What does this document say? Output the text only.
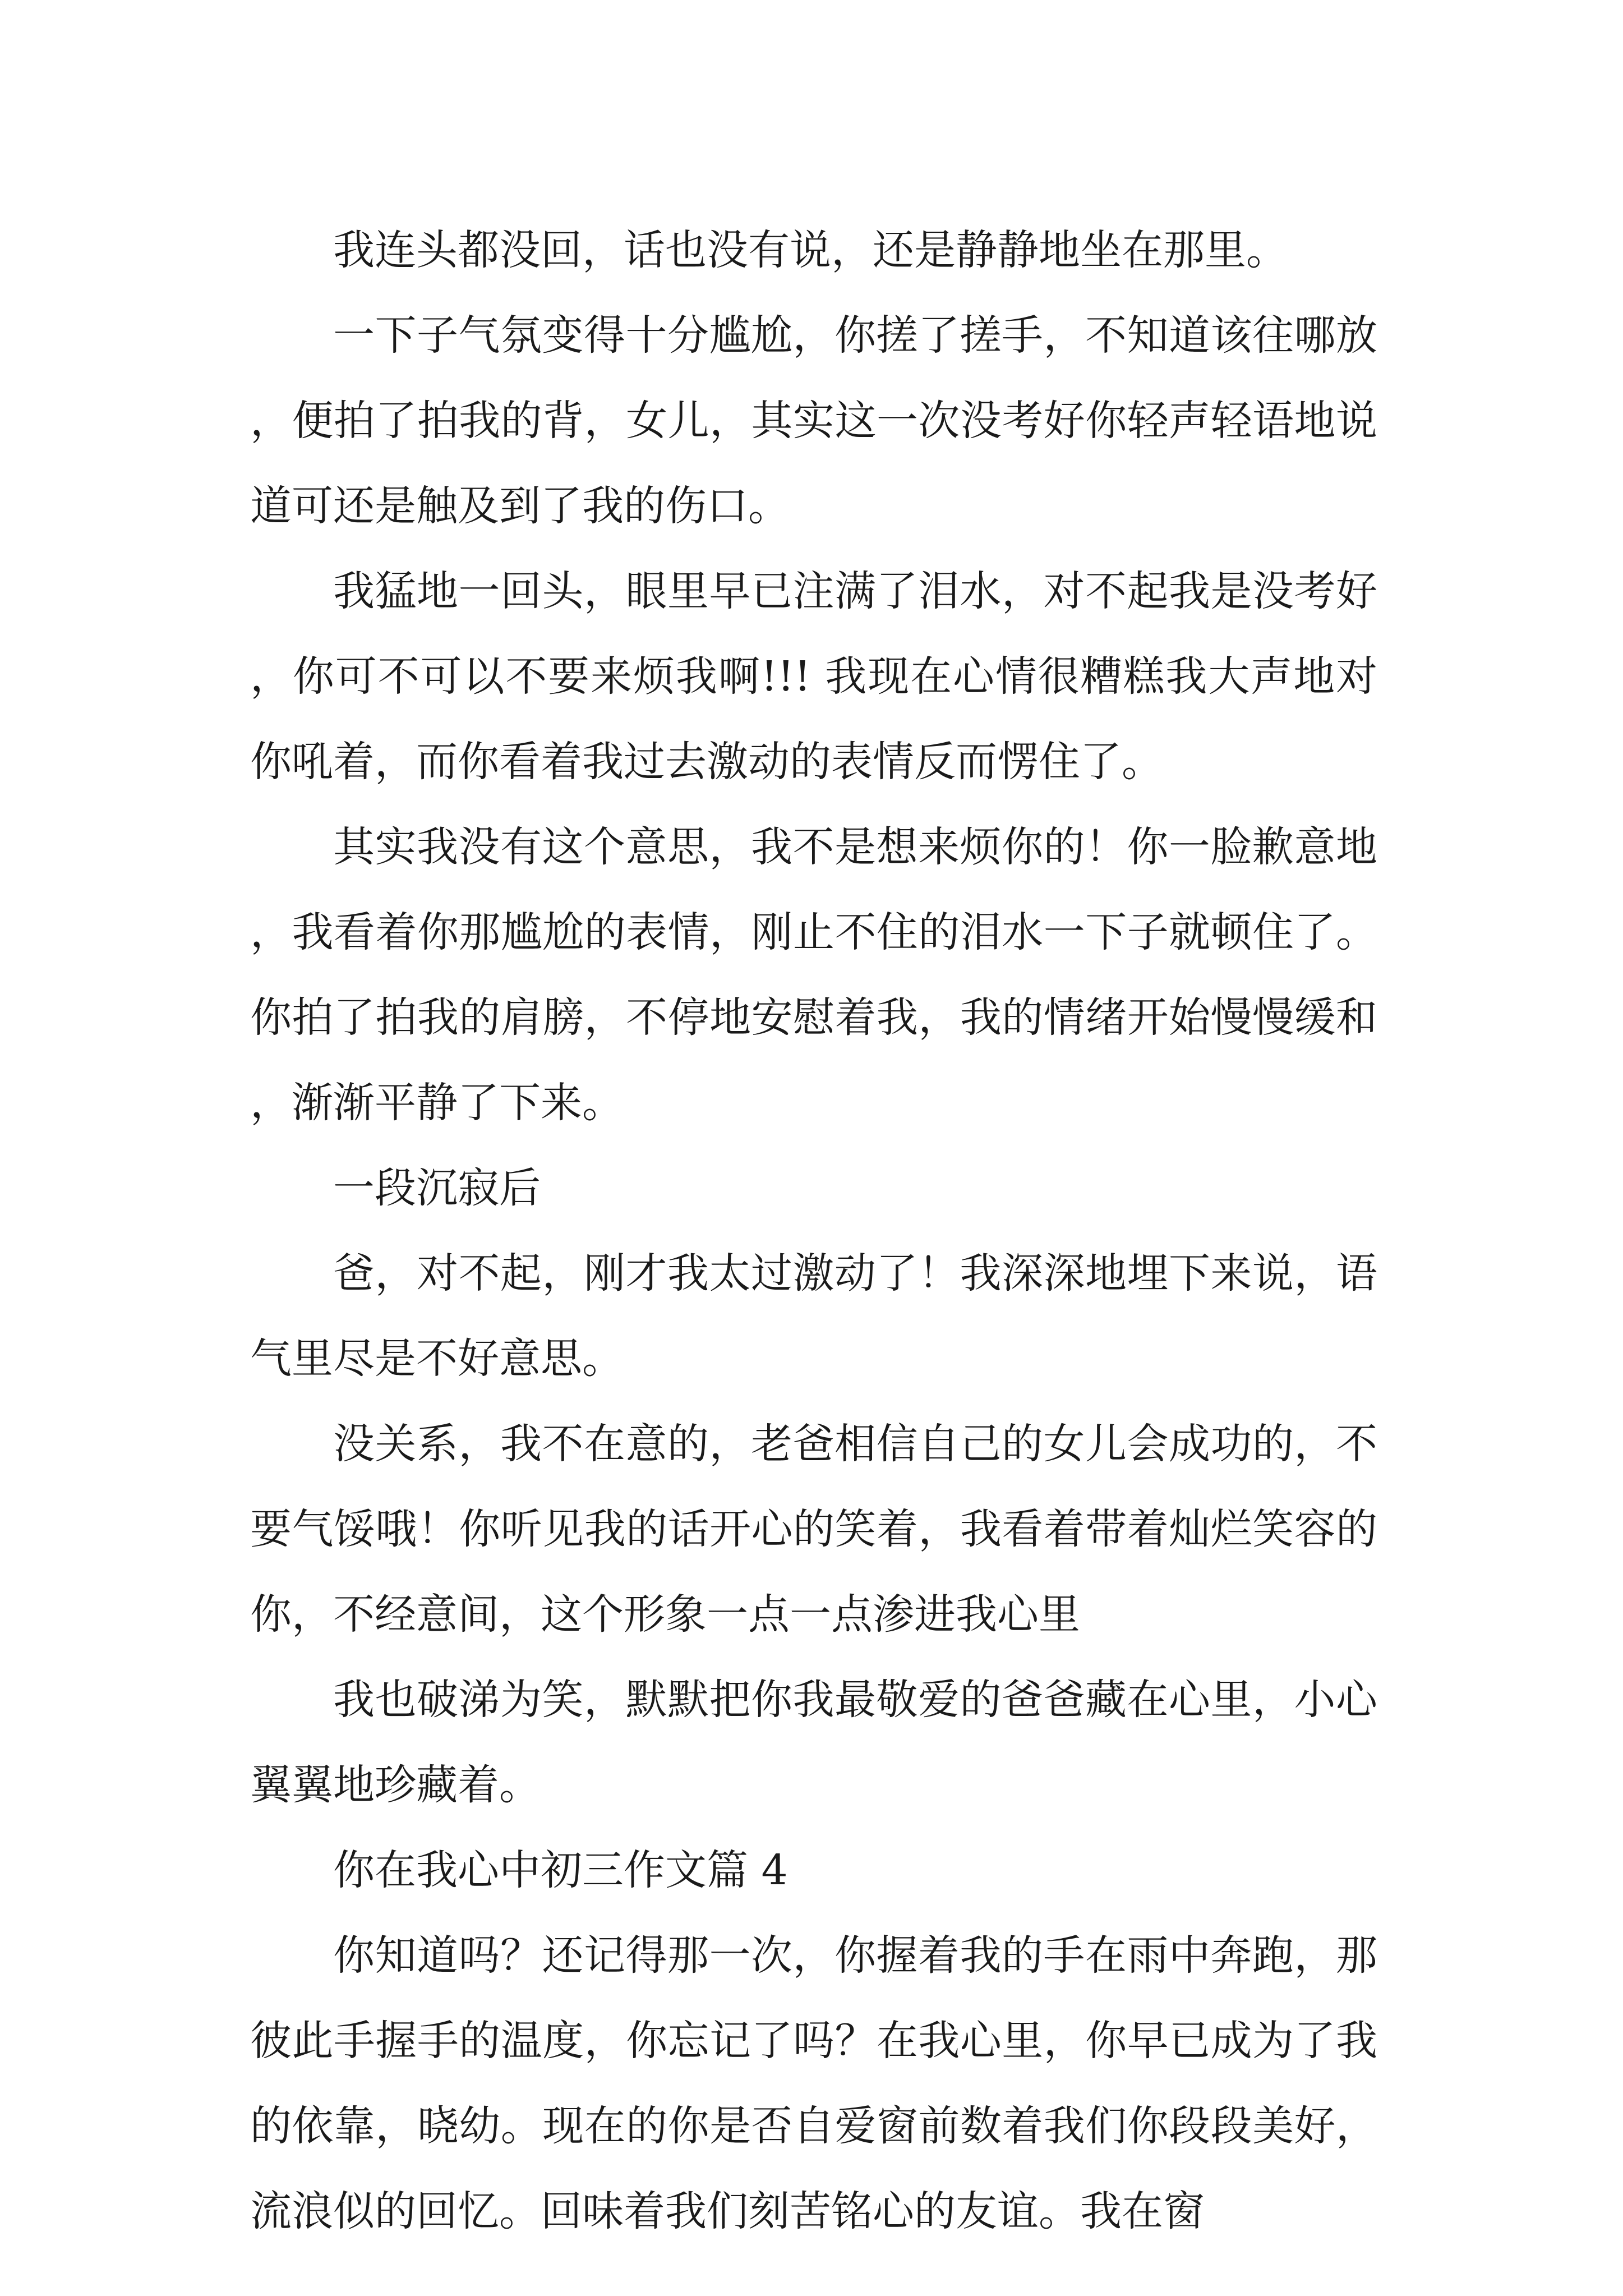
我连头都没回，话也没有说，还是静静地坐在那里。

一下子气氛变得十分尴尬，你搓了搓手，不知道该往哪放，便拍了拍我的背，女儿，其实这一次没考好你轻声轻语地说道可还是触及到了我的伤口。

我猛地一回头，眼里早已注满了泪水，对不起我是没考好，你可不可以不要来烦我啊!!! 我现在心情很糟糕我大声地对你吼着，而你看着我过去激动的表情反而愣住了。

其实我没有这个意思，我不是想来烦你的！你一脸歉意地，我看着你那尴尬的表情，刚止不住的泪水一下子就顿住了。你拍了拍我的肩膀，不停地安慰着我，我的情绪开始慢慢缓和，渐渐平静了下来。

一段沉寂后

爸，对不起，刚才我太过激动了！我深深地埋下来说，语气里尽是不好意思。

没关系，我不在意的，老爸相信自己的女儿会成功的，不要气馁哦！你听见我的话开心的笑着，我看着带着灿烂笑容的你，不经意间，这个形象一点一点渗进我心里

我也破涕为笑，默默把你我最敬爱的爸爸藏在心里，小心翼翼地珍藏着。

你在我心中初三作文篇 4

你知道吗？还记得那一次，你握着我的手在雨中奔跑，那彼此手握手的温度，你忘记了吗？在我心里，你早已成为了我的依靠，晓幼。现在的你是否自爱窗前数着我们你段段美好，流浪似的回忆。回味着我们刻苦铭心的友谊。我在窗
